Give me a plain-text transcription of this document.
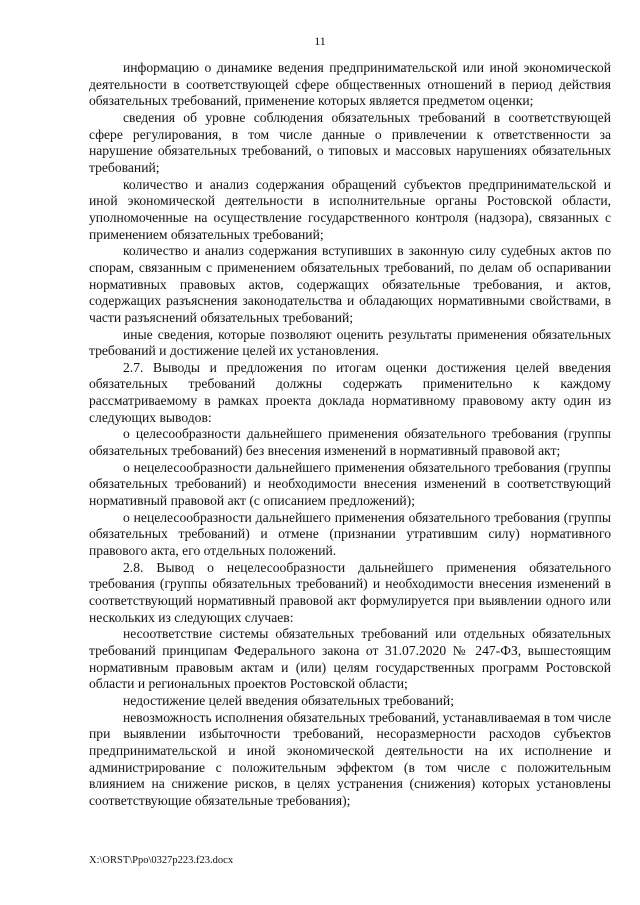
11

информацию о динамике ведения предпринимательской или иной экономической деятельности в соответствующей сфере общественных отношений в период действия обязательных требований, применение которых является предметом оценки;

сведения об уровне соблюдения обязательных требований в соответствующей сфере регулирования, в том числе данные о привлечении к ответственности за нарушение обязательных требований, о типовых и массовых нарушениях обязательных требований;

количество и анализ содержания обращений субъектов предпринимательской и иной экономической деятельности в исполнительные органы Ростовской области, уполномоченные на осуществление государственного контроля (надзора), связанных с применением обязательных требований;

количество и анализ содержания вступивших в законную силу судебных актов по спорам, связанным с применением обязательных требований, по делам об оспаривании нормативных правовых актов, содержащих обязательные требования, и актов, содержащих разъяснения законодательства и обладающих нормативными свойствами, в части разъяснений обязательных требований;

иные сведения, которые позволяют оценить результаты применения обязательных требований и достижение целей их установления.

2.7. Выводы и предложения по итогам оценки достижения целей введения обязательных требований должны содержать применительно к каждому рассматриваемому в рамках проекта доклада нормативному правовому акту один из следующих выводов:

о целесообразности дальнейшего применения обязательного требования (группы обязательных требований) без внесения изменений в нормативный правовой акт;

о нецелесообразности дальнейшего применения обязательного требования (группы обязательных требований) и необходимости внесения изменений в соответствующий нормативный правовой акт (с описанием предложений);

о нецелесообразности дальнейшего применения обязательного требования (группы обязательных требований) и отмене (признании утратившим силу) нормативного правового акта, его отдельных положений.

2.8. Вывод о нецелесообразности дальнейшего применения обязательного требования (группы обязательных требований) и необходимости внесения изменений в соответствующий нормативный правовой акт формулируется при выявлении одного или нескольких из следующих случаев:

несоответствие системы обязательных требований или отдельных обязательных требований принципам Федерального закона от 31.07.2020 № 247-ФЗ, вышестоящим нормативным правовым актам и (или) целям государственных программ Ростовской области и региональных проектов Ростовской области;

недостижение целей введения обязательных требований;

невозможность исполнения обязательных требований, устанавливаемая в том числе при выявлении избыточности требований, несоразмерности расходов субъектов предпринимательской и иной экономической деятельности на их исполнение и администрирование с положительным эффектом (в том числе с положительным влиянием на снижение рисков, в целях устранения (снижения) которых установлены соответствующие обязательные требования);

X:\ORST\Ppo\0327p223.f23.docx
